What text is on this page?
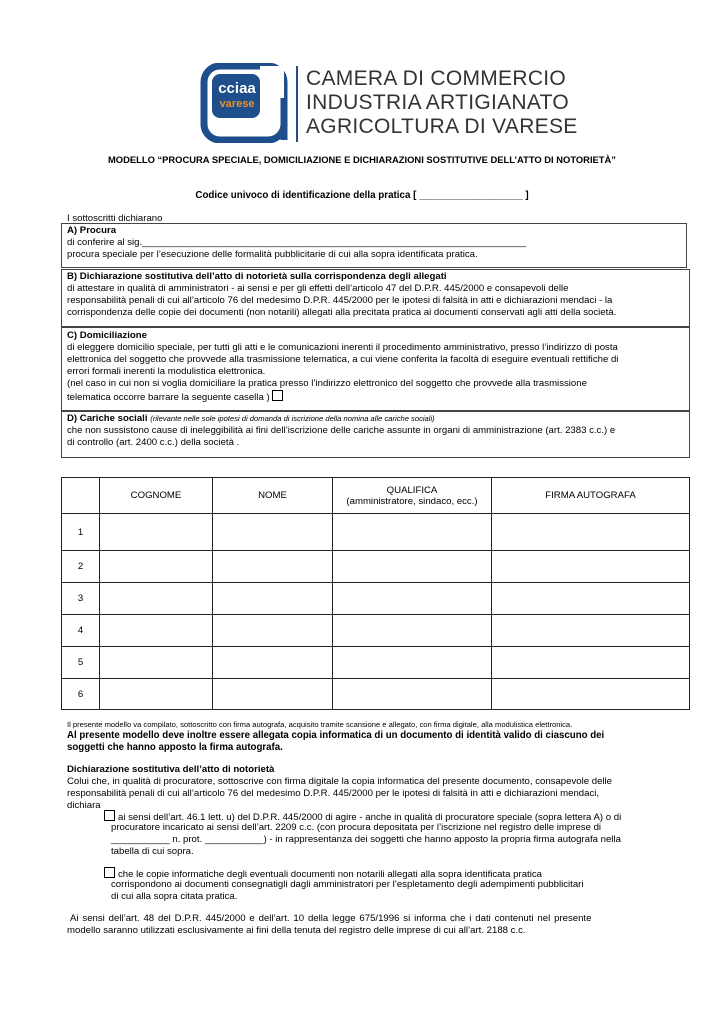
cciaa
varese
CAMERA DI COMMERCIO
INDUSTRIA ARTIGIANATO
AGRICOLTURA DI VARESE
MODELLO “PROCURA SPECIALE, DOMICILIAZIONE E DICHIARAZIONI SOSTITUTIVE DELL’ATTO DI NOTORIETÀ”
Codice univoco di identificazione della pratica [ ___________________ ]
I sottoscritti dichiarano
A) Procura
di conferire al sig.________________________________________________________________________
procura speciale per l’esecuzione delle formalità pubblicitarie di cui alla sopra identificata pratica.
B) Dichiarazione sostitutiva dell’atto di notorietà sulla corrispondenza degli allegati
di attestare in qualità di amministratori - ai sensi e per gli effetti dell’articolo 47 del D.P.R. 445/2000 e consapevoli delle
responsabilità penali di cui all’articolo 76 del medesimo D.P.R. 445/2000 per le ipotesi di falsità in atti e dichiarazioni mendaci - la
corrispondenza delle copie dei documenti (non notarili) allegati alla precitata pratica ai documenti conservati agli atti della società.
C) Domiciliazione
di eleggere domicilio speciale, per tutti gli atti e le comunicazioni inerenti il procedimento amministrativo, presso l’indirizzo di posta
elettronica del soggetto che provvede alla trasmissione telematica, a cui viene conferita la facoltà di eseguire eventuali rettifiche di
errori formali inerenti la modulistica elettronica.
(nel caso in cui non si voglia domiciliare la pratica presso l’indirizzo elettronico del soggetto che provvede alla trasmissione
telematica occorre barrare la seguente casella )
D) Cariche sociali (rilevante nelle sole ipotesi di domanda di iscrizione della nomina alle cariche sociali)
che non sussistono cause di ineleggibilità ai fini dell’iscrizione delle cariche assunte in organi di amministrazione (art. 2383 c.c.) e
di controllo (art. 2400 c.c.) della società .
	COGNOME	NOME	QUALIFICA
(amministratore, sindaco, ecc.)	FIRMA AUTOGRAFA
1				
2				
3				
4				
5				
6				
Il presente modello va compilato, sottoscritto con firma autografa, acquisito tramite scansione e allegato, con firma digitale, alla modulistica elettronica.
Al presente modello deve inoltre essere allegata copia informatica di un documento di identità valido di ciascuno dei
soggetti che hanno apposto la firma autografa.
Dichiarazione sostitutiva dell’atto di notorietà
Colui che, in qualità di procuratore, sottoscrive con firma digitale la copia informatica del presente documento, consapevole delle
responsabilità penali di cui all’articolo 76 del medesimo D.P.R. 445/2000 per le ipotesi di falsità in atti e dichiarazioni mendaci,
dichiara
ai sensi dell’art. 46.1 lett. u) del D.P.R. 445/2000 di agire - anche in qualità di procuratore speciale (sopra lettera A) o di
procuratore incaricato ai sensi dell’art. 2209 c.c. (con procura depositata per l’iscrizione nel registro delle imprese di
___________ n. prot. ___________) - in rappresentanza dei soggetti che hanno apposto la propria firma autografa nella
tabella di cui sopra.
che le copie informatiche degli eventuali documenti non notarili allegati alla sopra identificata pratica
corrispondono ai documenti consegnatigli dagli amministratori per l’espletamento degli adempimenti pubblicitari
di cui alla sopra citata pratica.
Ai sensi dell’art. 48 del D.P.R. 445/2000 e dell’art. 10 della legge 675/1996 si informa che i dati contenuti nel presente
modello saranno utilizzati esclusivamente ai fini della tenuta del registro delle imprese di cui all’art. 2188 c.c.
